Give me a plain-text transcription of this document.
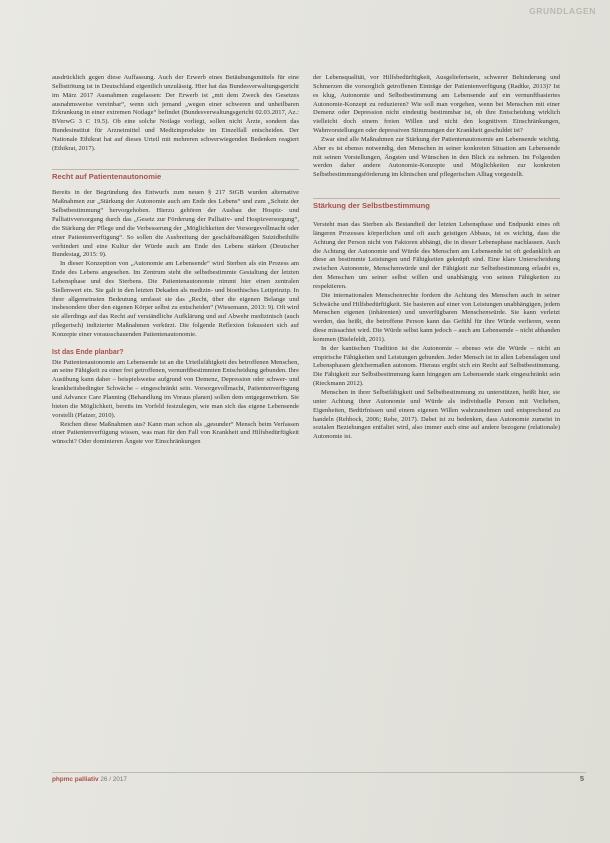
GRUNDLAGEN

ausdrücklich gegen diese Auffassung. Auch der Erwerb eines Betäubungsmittels für eine Selbsttötung ist in Deutschland eigentlich unzulässig. Hier hat das Bundesverwaltungsgericht im März 2017 Ausnahmen zugelassen: Der Erwerb ist „mit dem Zweck des Gesetzes ausnahmsweise vereinbar“, wenn sich jemand „wegen einer schweren und unheilbaren Erkrankung in einer extremen Notlage“ befindet (Bundesverwaltungsgericht 02.03.2017, Az.: BVerwG 3 C 19.5). Ob eine solche Notlage vorliegt, sollen nicht Ärzte, sondern das Bundesinstitut für Arzneimittel und Medizinprodukte im Einzelfall entscheiden. Der Nationale Ethikrat hat auf dieses Urteil mit mehreren schwerwiegenden Bedenken reagiert (Ethikrat, 2017).

Recht auf Patientenautonomie

Bereits in der Begründung des Entwurfs zum neuen § 217 StGB wurden alternative Maßnahmen zur „Stärkung der Autonomie auch am Ende des Lebens“ und zum „Schutz der Selbstbestimmung“ hervorgehoben. Hierzu gehören der Ausbau der Hospiz- und Palliativversorgung durch das „Gesetz zur Förderung der Palliativ- und Hospizversorgung“, die Stärkung der Pflege und die Verbesserung der „Möglichkeiten der Vorsorgevollmacht oder einer Patientenverfügung“. So sollen die Ausbreitung der geschäftsmäßigen Suizidbeihilfe verhindert und eine Kultur der Würde auch am Ende des Lebens stärken (Deutscher Bundestag, 2015: 9).

In dieser Konzeption von „Autonomie am Lebensende“ wird Sterben als ein Prozess am Ende des Lebens angesehen. Im Zentrum steht die selbstbestimmte Gestaltung der letzten Lebensphase und des Sterbens. Die Patientenautonomie nimmt hier einen zentralen Stellenwert ein. Sie galt in den letzten Dekaden als medizin- und bioethisches Leitprinzip. In ihrer allgemeinsten Bedeutung umfasst sie das „Recht, über die eigenen Belange und insbesondere über den eigenen Körper selbst zu entscheiden“ (Wiesemann, 2013: 9). Oft wird sie allerdings auf das Recht auf verständliche Aufklärung und auf Abwehr medizinisch (auch pflegerisch) indizierter Maßnahmen verkürzt. Die folgende Reflexion fokussiert sich auf Konzepte einer vorausschauenden Patientenautonomie.

Ist das Ende planbar?

Die Patientenautonomie am Lebensende ist an die Urteilsfähigkeit des betroffenen Menschen, an seine Fähigkeit zu einer frei getroffenen, vernunftbestimmten Entscheidung gebunden. Ihre Ausübung kann daher – beispielsweise aufgrund von Demenz, Depression oder schwer- und krankheitsbedingter Schwäche – eingeschränkt sein. Vorsorgevollmacht, Patientenverfügung und Advance Care Planning (Behandlung im Voraus planen) sollen dem entgegenwirken. Sie bieten die Möglichkeit, bereits im Vorfeld festzulegen, wie man sich das eigene Lebensende vorstellt (Platzer, 2010).

Reichen diese Maßnahmen aus? Kann man schon als „gesunder“ Mensch beim Verfassen einer Patientenverfügung wissen, was man für den Fall von Krankheit und Hilfsbedürftigkeit wünscht? Oder dominieren Ängste vor Einschränkungen

der Lebensqualität, vor Hilfsbedürftigkeit, Ausgeliefertsein, schwerer Behinderung und Schmerzen die vorsorglich getroffenen Einträge der Patientenverfügung (Radtke, 2013)? Ist es klug, Autonomie und Selbstbestimmung am Lebensende auf ein vernunftbasiertes Autonomie-Konzept zu reduzieren? Wie soll man vorgehen, wenn bei Menschen mit einer Demenz oder Depression nicht eindeutig bestimmbar ist, ob ihre Entscheidung wirklich vielleicht doch einem freien Willen und nicht den kognitiven Einschränkungen, Wahnvorstellungen oder depressiven Stimmungen der Krankheit geschuldet ist?

Zwar sind alle Maßnahmen zur Stärkung der Patientenautonomie am Lebensende wichtig. Aber es ist ebenso notwendig, den Menschen in seiner konkreten Situation am Lebensende mit seinen Vorstellungen, Ängsten und Wünschen in den Blick zu nehmen. Im Folgenden werden daher andere Autonomie-Konzepte und Möglichkeiten zur konkreten Selbstbestimmungsförderung im klinischen und pflegerischen Alltag vorgestellt.

Stärkung der Selbstbestimmung

Versteht man das Sterben als Bestandteil der letzten Lebensphase und Endpunkt eines oft längeren Prozesses körperlichen und oft auch geistigen Abbaus, ist es wichtig, dass die Achtung der Person nicht von Faktoren abhängt, die in dieser Lebensphase nachlassen. Auch die Achtung der Autonomie und Würde des Menschen am Lebensende ist oft gedanklich an diese an bestimmte Leistungen und Fähigkeiten geknüpft sind. Eine klare Unterscheidung zwischen Autonomie, Menschenwürde und der Fähigkeit zur Selbstbestimmung erlaubt es, den Menschen um seiner selbst willen und unabhängig von seinen Fähigkeiten zu respektieren.

Die internationalen Menschenrechte fordern die Achtung des Menschen auch in seiner Schwäche und Hilfsbedürftigkeit. Sie basieren auf einer von Leistungen unabhängigen, jedem Menschen eigenen (inhärenten) und unverfügbaren Menschenwürde. Sie kann verletzt werden, das heißt, die betroffene Person kann das Gefühl für ihre Würde verlieren, wenn diese missachtet wird. Die Würde selbst kann jedoch – auch am Lebensende – nicht abhanden kommen (Bielefeldt, 2011).

In der kantischen Tradition ist die Autonomie – ebenso wie die Würde – nicht an empirische Fähigkeiten und Leistungen gebunden. Jeder Mensch ist in allen Lebenslagen und Lebensphasen gleichermaßen autonom. Hieraus ergibt sich ein Recht auf Selbstbestimmung. Die Fähigkeit zur Selbstbestimmung kann hingegen am Lebensende stark eingeschränkt sein (Rieckmann 2012).

Menschen in ihrer Selbstfähigkeit und Selbstbestimmung zu unterstützen, heißt hier, sie unter Achtung ihrer Autonomie und Würde als individuelle Person mit Vorlieben, Eigenheiten, Bedürfnissen und einem eigenen Willen wahrzunehmen und entsprechend zu handeln (Rehbock, 2006; Rehe, 2017). Dabei ist zu bedenken, dass Autonomie zumeist in sozialen Beziehungen entfaltet wird, also immer auch eine auf andere bezogene (relationale) Autonomie ist.

phpmc palliativ 26 / 2017	5
